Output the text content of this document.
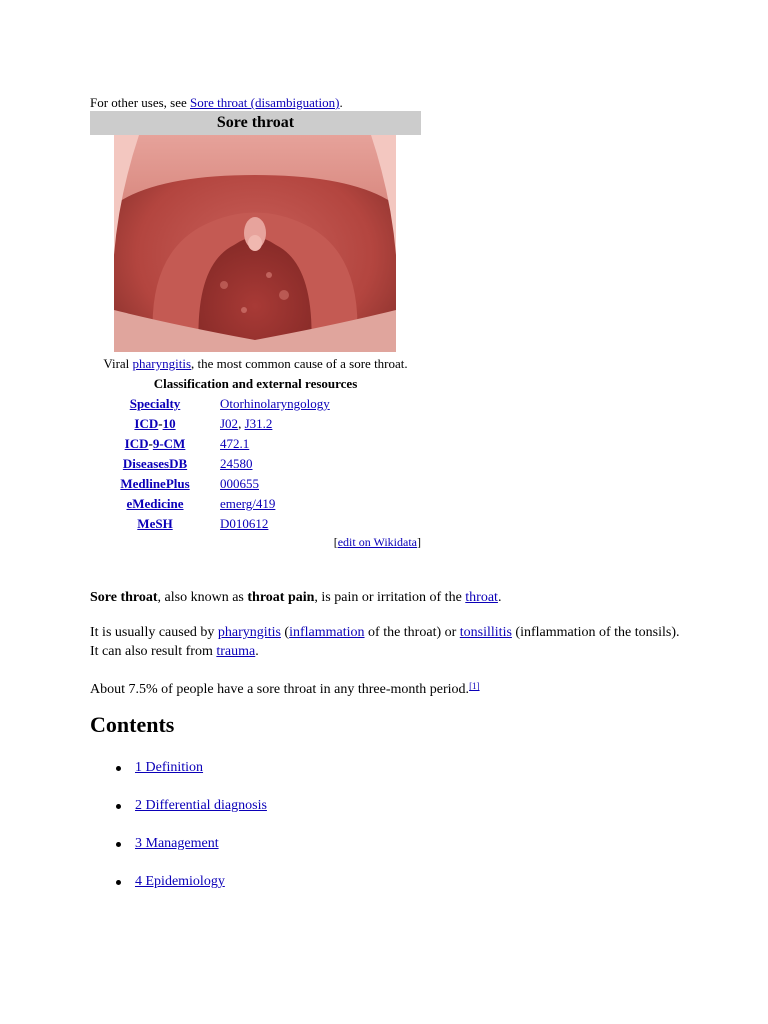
For other uses, see Sore throat (disambiguation).
Sore throat
Viral pharyngitis, the most common cause of a sore throat.
Classification and external resources
Specialty	Otorhinolaryngology
ICD-10	J02, J31.2
ICD-9-CM	472.1
DiseasesDB	24580
MedlinePlus	000655
eMedicine	emerg/419
MeSH	D010612
[edit on Wikidata]

Sore throat, also known as throat pain, is pain or irritation of the throat.

It is usually caused by pharyngitis (inflammation of the throat) or tonsillitis (inflammation of the tonsils). It can also result from trauma.

About 7.5% of people have a sore throat in any three-month period.[1]

Contents
1 Definition
2 Differential diagnosis
3 Management
4 Epidemiology
